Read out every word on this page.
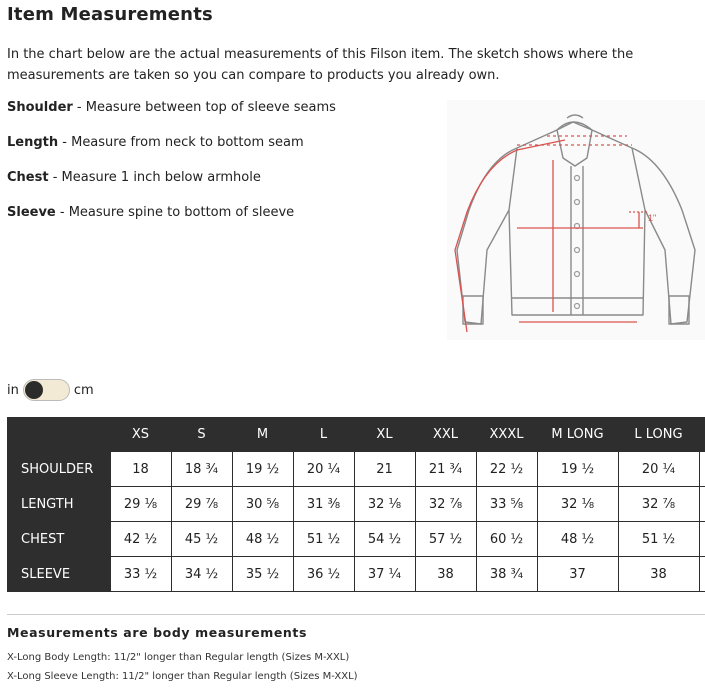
Item Measurements
In the chart below are the actual measurements of this Filson item. The sketch shows where the measurements are taken so you can compare to products you already own.
Shoulder - Measure between top of sleeve seams
Length - Measure from neck to bottom seam
Chest - Measure 1 inch below armhole
Sleeve - Measure spine to bottom of sleeve	1"
in	cm
	XS	S	M	L	XL	XXL	XXXL	M LONG	L LONG	
SHOULDER	18	18 ¾	19 ½	20 ¼	21	21 ¾	22 ½	19 ½	20 ¼	
LENGTH	29 ⅛	29 ⅞	30 ⅝	31 ⅜	32 ⅛	32 ⅞	33 ⅝	32 ⅛	32 ⅞	
CHEST	42 ½	45 ½	48 ½	51 ½	54 ½	57 ½	60 ½	48 ½	51 ½	
SLEEVE	33 ½	34 ½	35 ½	36 ½	37 ¼	38	38 ¾	37	38	
Measurements are body measurements
X-Long Body Length: 11/2" longer than Regular length (Sizes M-XXL)
X-Long Sleeve Length: 11/2" longer than Regular length (Sizes M-XXL)
